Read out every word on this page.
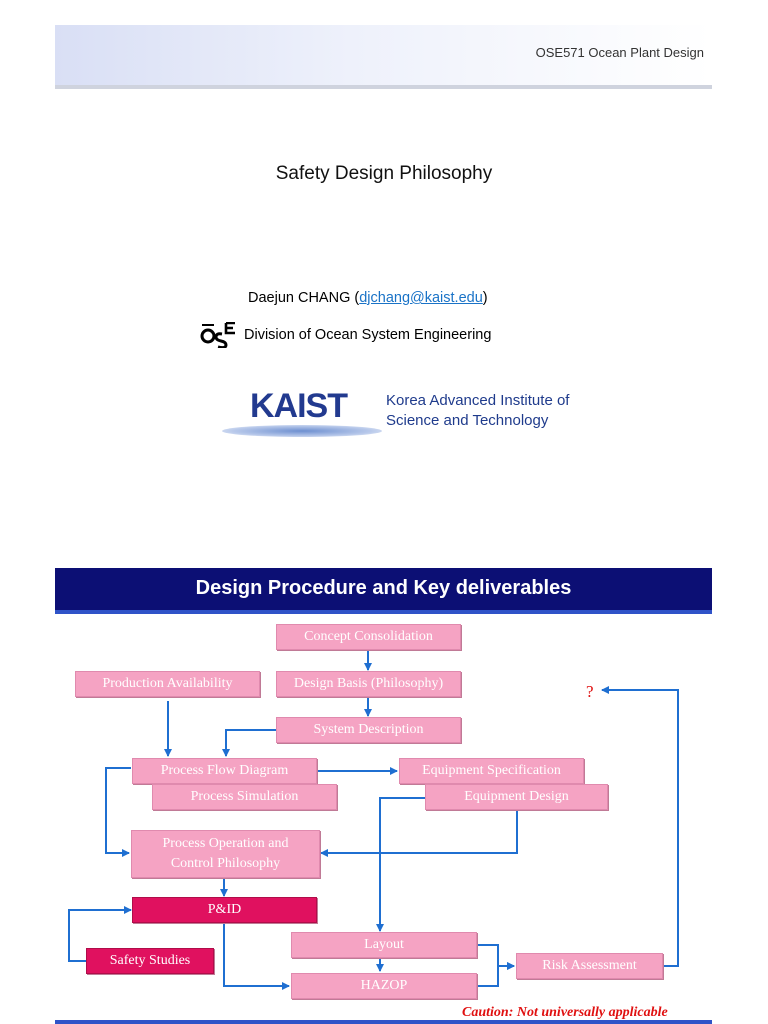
OSE571 Ocean Plant Design
Safety Design Philosophy
Daejun CHANG (djchang@kaist.edu)
Division of Ocean System Engineering
KAIST	Korea Advanced Institute of
Science and Technology
Design Procedure and Key deliverables
Concept Consolidation
Production Availability	Design Basis (Philosophy)
System Description
Process Flow Diagram	Equipment Specification
Process Simulation	Equipment Design
Process Operation and
Control Philosophy
P&ID
Safety Studies
Layout
HAZOP
Risk Assessment
?
Caution: Not universally applicable
